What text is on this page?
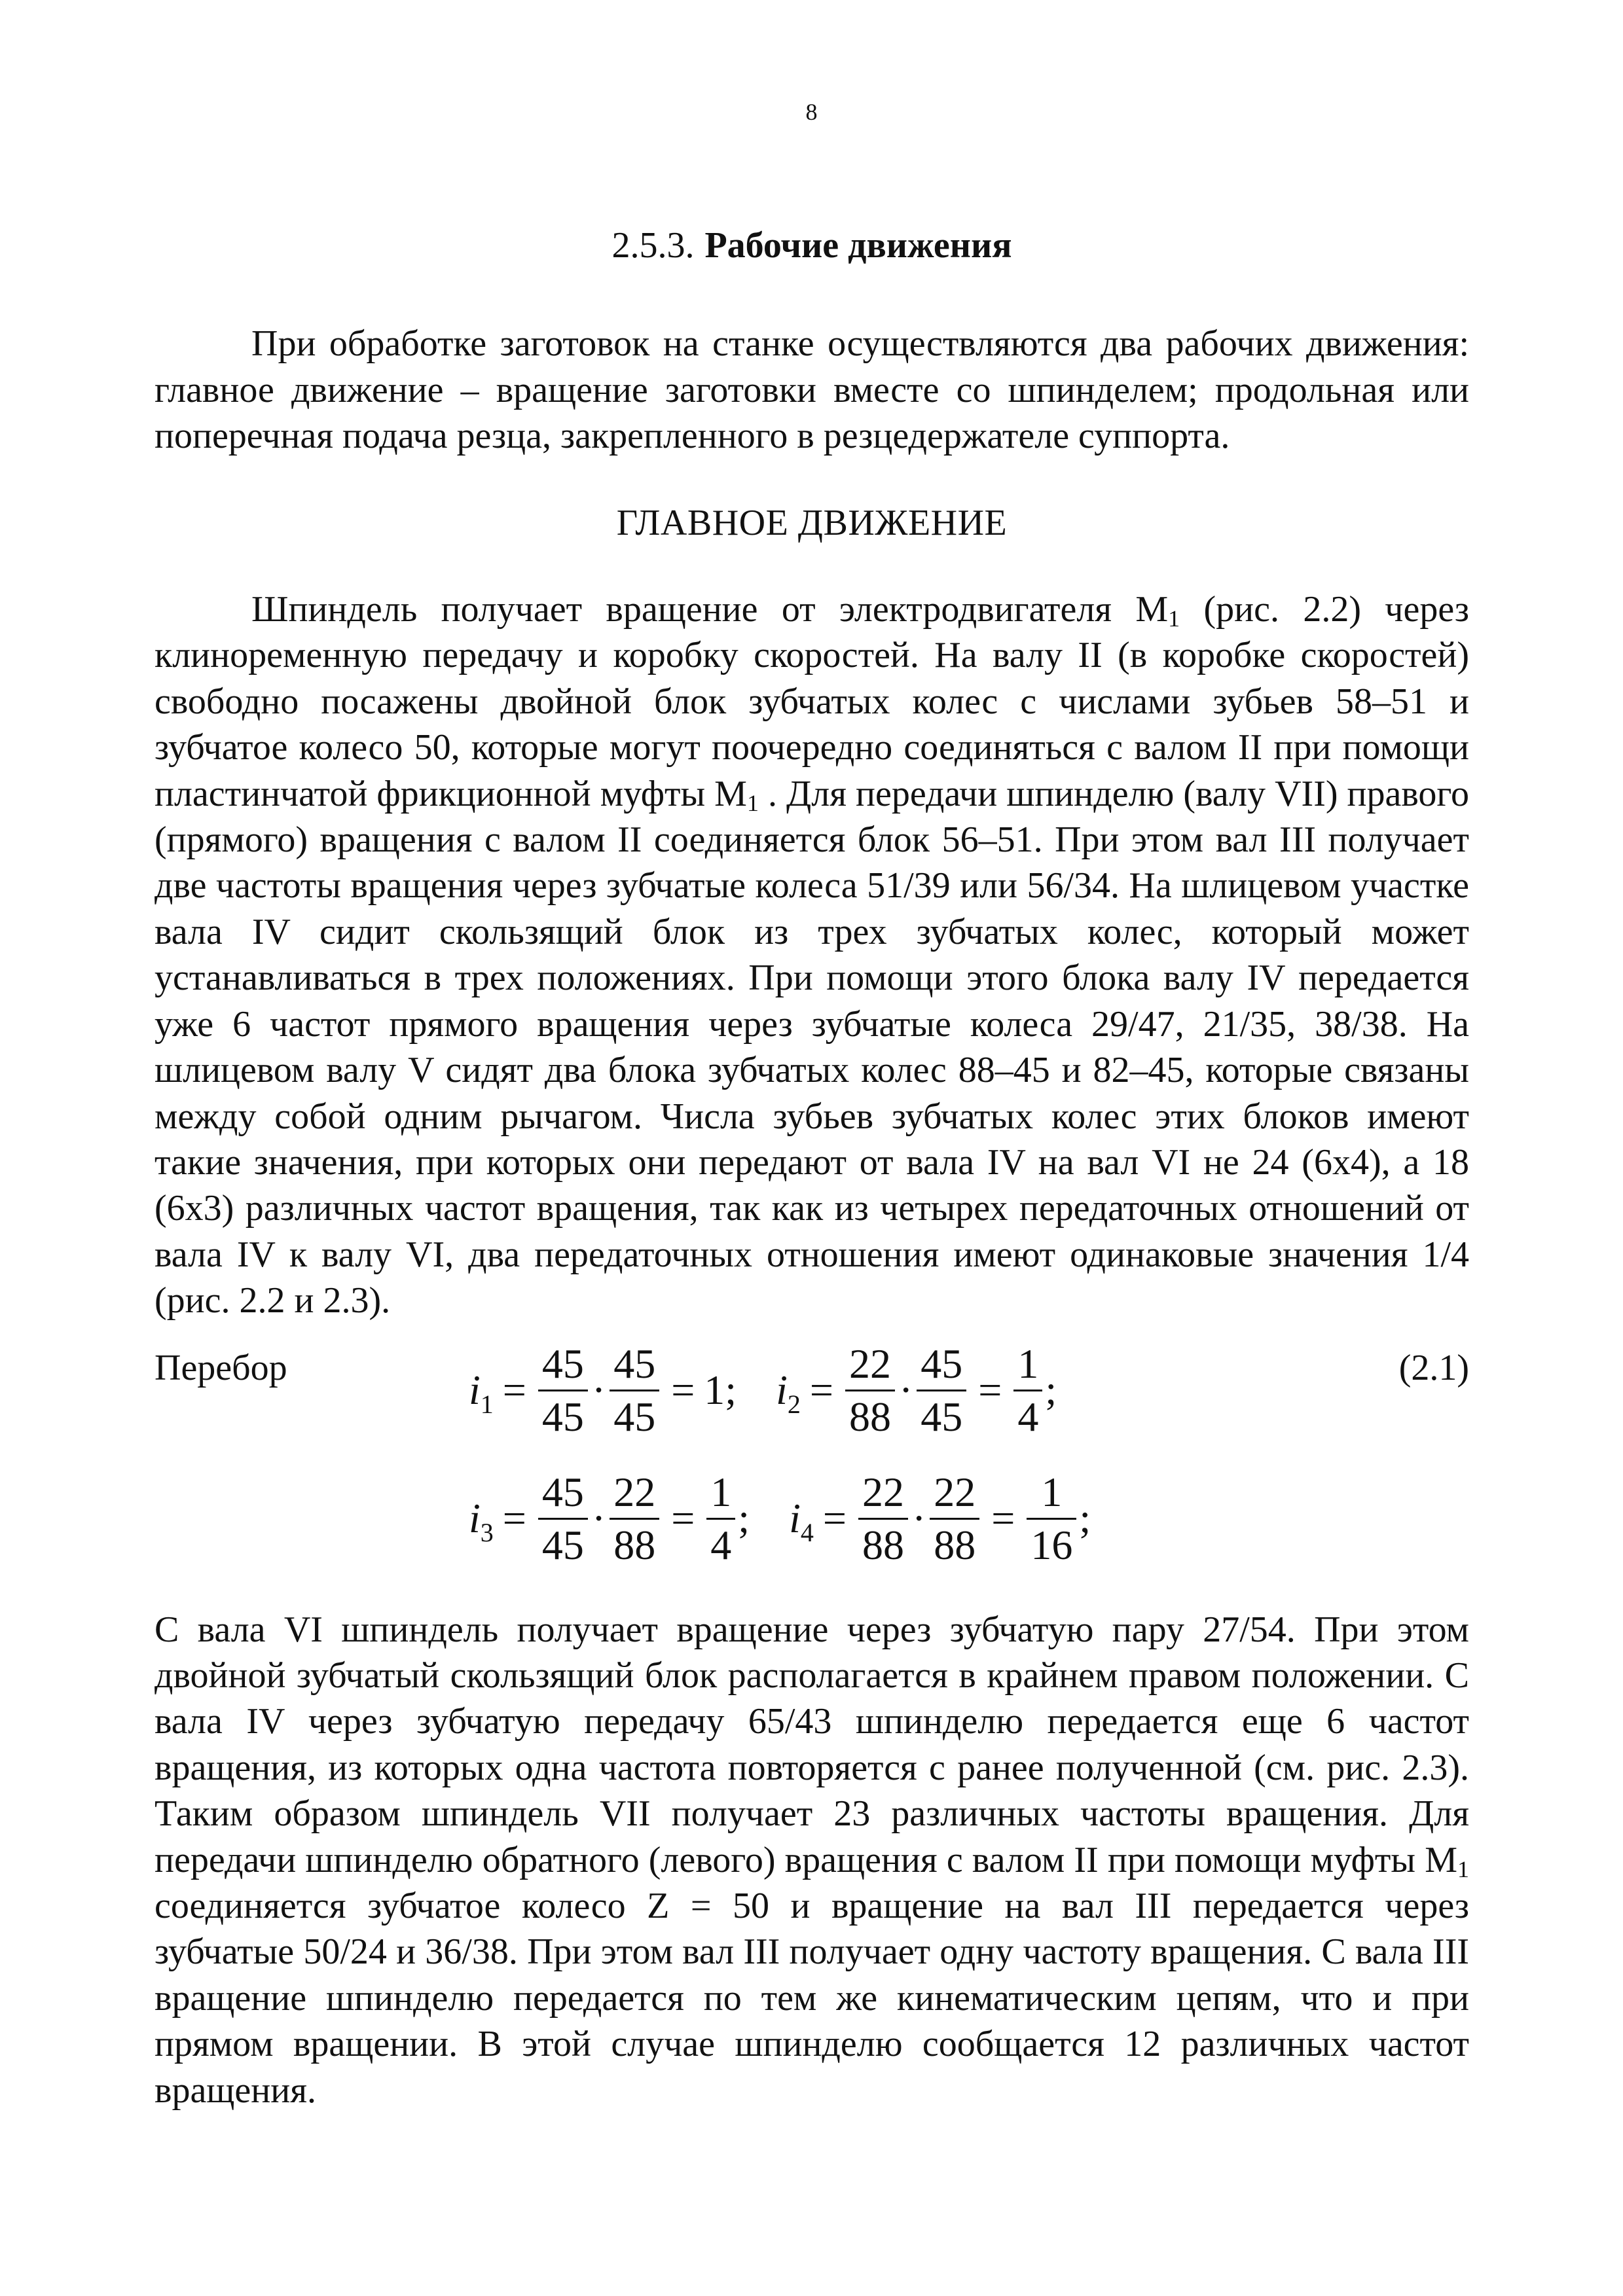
8
2.5.3. Рабочие движения

При обработке заготовок на станке осуществляются два рабочих движения: главное движение – вращение заготовки вместе со шпинделем; продольная или поперечная подача резца, закрепленного в резцедержателе суппорта.

ГЛАВНОЕ ДВИЖЕНИЕ

Шпиндель получает вращение от электродвигателя $М_1$ (рис. 2.2) через клиноременную передачу и коробку скоростей. На валу II (в коробке скоростей) свободно посажены двойной блок зубчатых колес с числами зубьев 58–51 и зубчатое колесо 50, которые могут поочередно соединяться с валом II при помощи пластинчатой фрикционной муфты $М_1$ . Для передачи шпинделю (валу VII) правого (прямого) вращения с валом II соединяется блок 56–51. При этом вал III получает две частоты вращения через зубчатые колеса 51/39 или 56/34. На шлицевом участке вала IV сидит скользящий блок из трех зубчатых колес, который может устанавливаться в трех положениях. При помощи этого блока валу IV передается уже 6 частот прямого вращения через зубчатые колеса 29/47, 21/35, 38/38. На шлицевом валу V сидят два блока зубчатых колес 88–45 и 82–45, которые связаны между собой одним рычагом. Числа зубьев зубчатых колес этих блоков имеют такие значения, при которых они передают от вала IV на вал VI не 24 (6х4), а 18 (6х3) различных частот вращения, так как из четырех передаточных отношений от вала IV к валу VI, два передаточных отношения имеют одинаковые значения 1/4 (рис. 2.2 и 2.3).

Перебор	(2.1)
$i_1 = \frac{45}{45} \cdot \frac{45}{45} = 1$ ; $i_2 = \frac{22}{88} \cdot \frac{45}{45} = \frac{1}{4}$ ;
$i_3 = \frac{45}{45} \cdot \frac{22}{88} = \frac{1}{4}$ ; $i_4 = \frac{22}{88} \cdot \frac{22}{88} = \frac{1}{16}$ ;

С вала VI шпиндель получает вращение через зубчатую пару 27/54. При этом двойной зубчатый скользящий блок располагается в крайнем правом положении. С вала IV через зубчатую передачу 65/43 шпинделю передается еще 6 частот вращения, из которых одна частота повторяется с ранее полученной (см. рис. 2.3). Таким образом шпиндель VII получает 23 различных частоты вращения. Для передачи шпинделю обратного (левого) вращения с валом II при помощи муфты $М_1$ соединяется зубчатое колесо Z = 50 и вращение на вал III передается через зубчатые 50/24 и 36/38. При этом вал III получает одну частоту вращения. С вала III вращение шпинделю передается по тем же кинематическим цепям, что и при прямом вращении. В этой случае шпинделю сообщается 12 различных частот вращения.
